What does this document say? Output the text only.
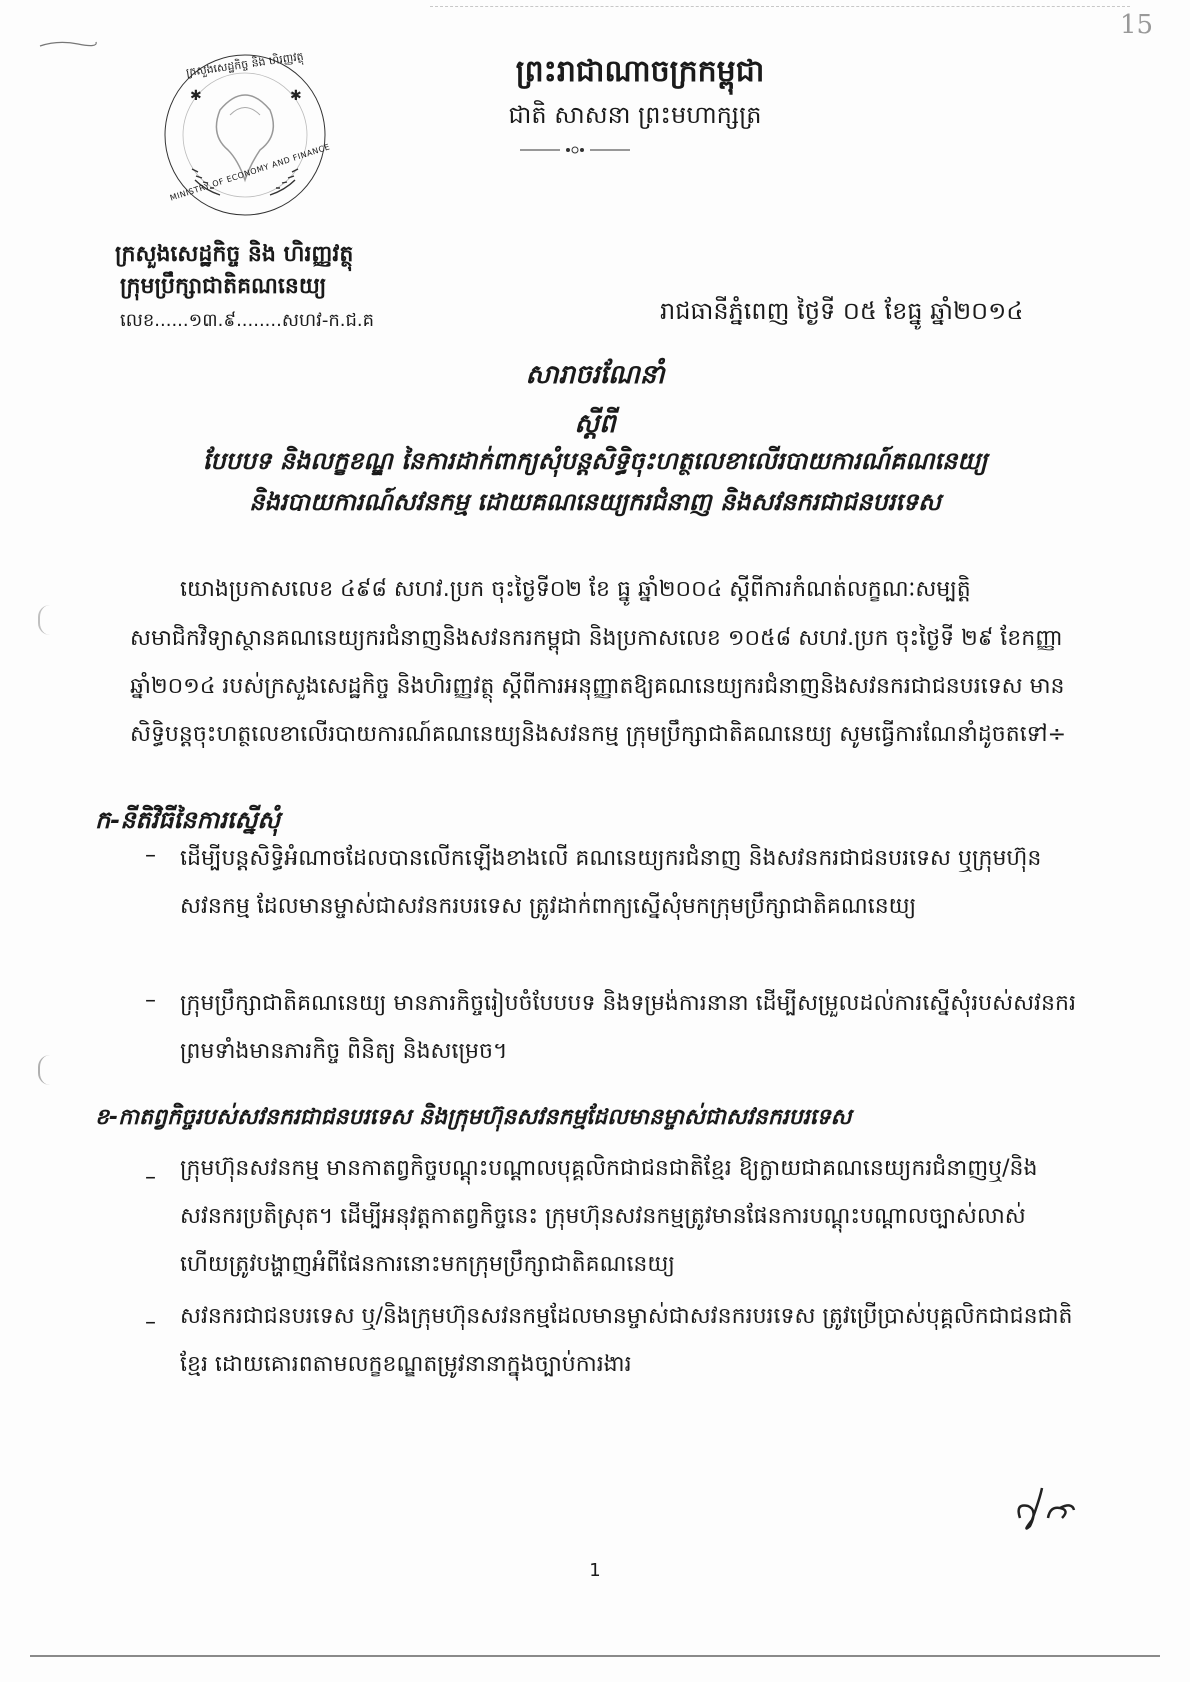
15
✱	✱
ក្រសួងសេដ្ឋកិច្ច និង ហិរញ្ញវត្ថុ
MINISTRY OF ECONOMY AND FINANCE
ព្រះរាជាណាចក្រកម្ពុជា
ជាតិ សាសនា ព្រះមហាក្សត្រ
ក្រសួងសេដ្ឋកិច្ច និង ហិរញ្ញវត្ថុ
ក្រុមប្រឹក្សាជាតិគណនេយ្យ
លេខ......១៣.៩........សហវ-ក.ជ.គ	រាជធានីភ្នំពេញ ថ្ងៃទី ០៥ ខែធ្នូ ឆ្នាំ២០១៤
សារាចរណែនាំ
ស្តីពី
បែបបទ និងលក្ខខណ្ឌ នៃការដាក់ពាក្យសុំបន្តសិទ្ធិចុះហត្ថលេខាលើរបាយការណ៍គណនេយ្យ
និងរបាយការណ៍សវនកម្ម ដោយគណនេយ្យករជំនាញ និងសវនករជាជនបរទេស
យោងប្រកាសលេខ ៤៩៨ សហវ.ប្រក ចុះថ្ងៃទី០២ ខែ ធ្នូ ឆ្នាំ២០០៤ ស្តីពីការកំណត់លក្ខណៈសម្បត្តិ
សមាជិកវិទ្យាស្ថានគណនេយ្យករជំនាញនិងសវនករកម្ពុជា និងប្រកាសលេខ ១០៥៨ សហវ.ប្រក ចុះថ្ងៃទី ២៩ ខែកញ្ញា ឆ្នាំ២០១៤ របស់ក្រសួងសេដ្ឋកិច្ច និងហិរញ្ញវត្ថុ ស្តីពីការអនុញ្ញាតឱ្យគណនេយ្យករជំនាញនិងសវនករជាជនបរទេស មានសិទ្ធិបន្តចុះហត្ថលេខាលើរបាយការណ៍គណនេយ្យនិងសវនកម្ម ក្រុមប្រឹក្សាជាតិគណនេយ្យ សូមធ្វើការណែនាំដូចតទៅ÷
ក-នីតិវិធីនៃការស្នើសុំ
– ដើម្បីបន្តសិទ្ធិអំណាចដែលបានលើកឡើងខាងលើ គណនេយ្យករជំនាញ និងសវនករជាជនបរទេស ឬក្រុមហ៊ុនសវនកម្ម ដែលមានម្ចាស់ជាសវនករបរទេស ត្រូវដាក់ពាក្យស្នើសុំមកក្រុមប្រឹក្សាជាតិគណនេយ្យ
– ក្រុមប្រឹក្សាជាតិគណនេយ្យ មានភារកិច្ចរៀបចំបែបបទ និងទម្រង់ការនានា ដើម្បីសម្រួលដល់ការស្នើសុំរបស់សវនករ ព្រមទាំងមានភារកិច្ច ពិនិត្យ និងសម្រេច។
ខ-កាតព្វកិច្ចរបស់សវនករជាជនបរទេស និងក្រុមហ៊ុនសវនកម្មដែលមានម្ចាស់ជាសវនករបរទេស
– ក្រុមហ៊ុនសវនកម្ម មានកាតព្វកិច្ចបណ្តុះបណ្តាលបុគ្គលិកជាជនជាតិខ្មែរ ឱ្យក្លាយជាគណនេយ្យករជំនាញឬ/និងសវនករប្រតិស្រុត។ ដើម្បីអនុវត្តកាតព្វកិច្ចនេះ ក្រុមហ៊ុនសវនកម្មត្រូវមានផែនការបណ្តុះបណ្តាលច្បាស់លាស់ ហើយត្រូវបង្ហាញអំពីផែនការនោះមកក្រុមប្រឹក្សាជាតិគណនេយ្យ
– សវនករជាជនបរទេស ឬ/និងក្រុមហ៊ុនសវនកម្មដែលមានម្ចាស់ជាសវនករបរទេស ត្រូវប្រើប្រាស់បុគ្គលិកជាជនជាតិខ្មែរ ដោយគោរពតាមលក្ខខណ្ឌតម្រូវនានាក្នុងច្បាប់ការងារ
1
